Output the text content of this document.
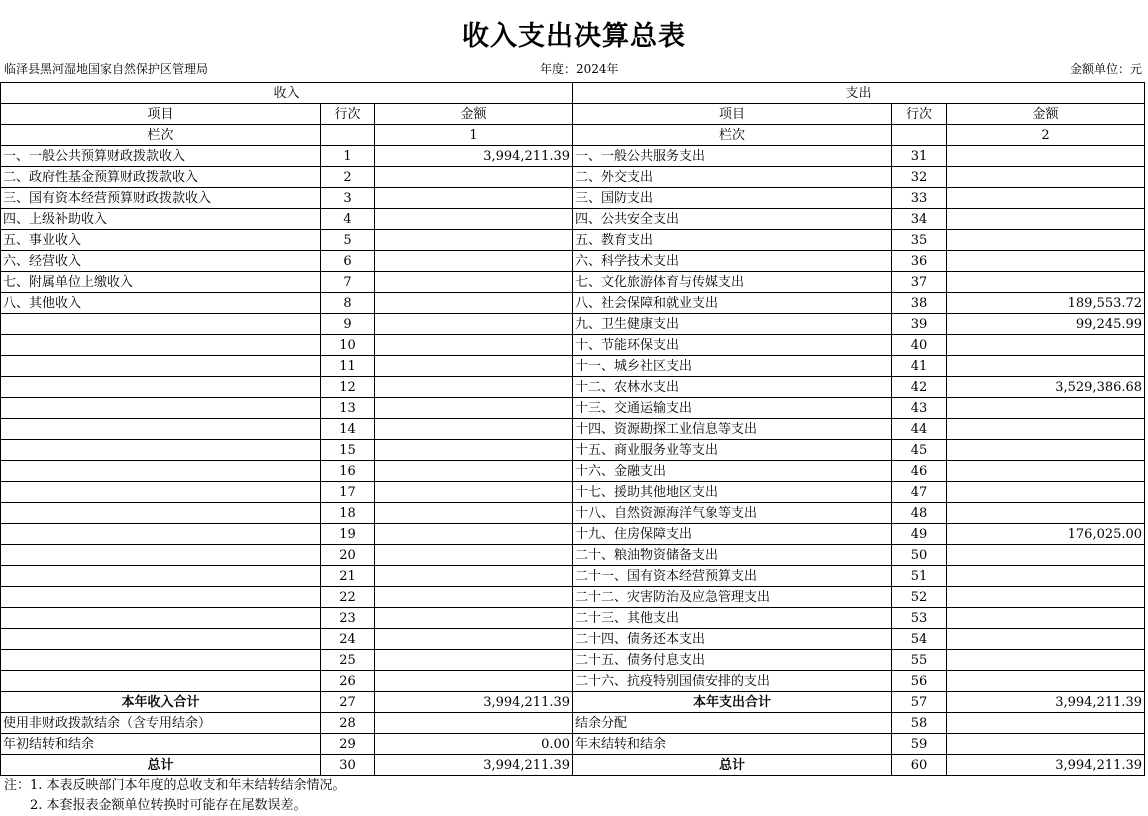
收入支出决算总表
临泽县黑河湿地国家自然保护区管理局	年度：2024年	金额单位：元
收入			支出		
项目	行次	金额	项目	行次	金额
栏次		1	栏次		2
一、一般公共预算财政拨款收入	1	3,994,211.39	一、一般公共服务支出	31	
二、政府性基金预算财政拨款收入	2		二、外交支出	32	
三、国有资本经营预算财政拨款收入	3		三、国防支出	33	
四、上级补助收入	4		四、公共安全支出	34	
五、事业收入	5		五、教育支出	35	
六、经营收入	6		六、科学技术支出	36	
七、附属单位上缴收入	7		七、文化旅游体育与传媒支出	37	
八、其他收入	8		八、社会保障和就业支出	38	189,553.72
	9		九、卫生健康支出	39	99,245.99
	10		十、节能环保支出	40	
	11		十一、城乡社区支出	41	
	12		十二、农林水支出	42	3,529,386.68
	13		十三、交通运输支出	43	
	14		十四、资源勘探工业信息等支出	44	
	15		十五、商业服务业等支出	45	
	16		十六、金融支出	46	
	17		十七、援助其他地区支出	47	
	18		十八、自然资源海洋气象等支出	48	
	19		十九、住房保障支出	49	176,025.00
	20		二十、粮油物资储备支出	50	
	21		二十一、国有资本经营预算支出	51	
	22		二十二、灾害防治及应急管理支出	52	
	23		二十三、其他支出	53	
	24		二十四、债务还本支出	54	
	25		二十五、债务付息支出	55	
	26		二十六、抗疫特别国债安排的支出	56	
本年收入合计	27	3,994,211.39	本年支出合计	57	3,994,211.39
使用非财政拨款结余（含专用结余）	28		结余分配	58	
年初结转和结余	29	0.00	年末结转和结余	59	
总计	30	3,994,211.39	总计	60	3,994,211.39
注：1. 本表反映部门本年度的总收支和年末结转结余情况。
2. 本套报表金额单位转换时可能存在尾数误差。
